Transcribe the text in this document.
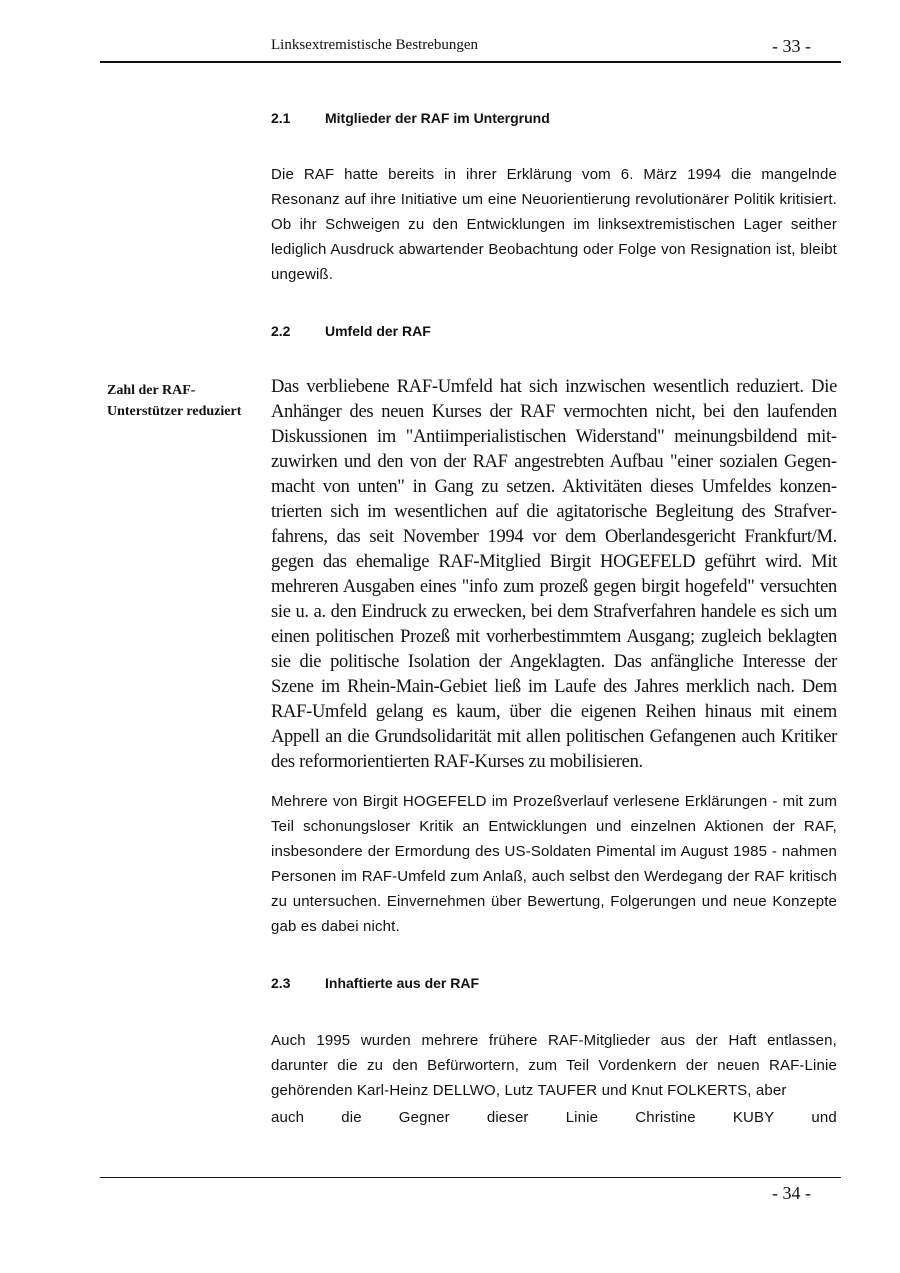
Linksextremistische Bestrebungen	- 33 -
2.1 Mitglieder der RAF im Untergrund
Die RAF hatte bereits in ihrer Erklärung vom 6. März 1994 die mangelnde Resonanz auf ihre Initiative um eine Neuorientierung revolutionärer Politik kritisiert. Ob ihr Schweigen zu den Entwicklungen im linksextremistischen Lager seither lediglich Ausdruck abwartender Beobachtung oder Folge von Resignation ist, bleibt ungewiß.
2.2 Umfeld der RAF
Zahl der RAF-Unterstützer reduziert
Das verbliebene RAF-Umfeld hat sich inzwischen wesentlich reduziert. Die Anhänger des neuen Kurses der RAF vermochten nicht, bei den laufenden Diskussionen im "Antiimperialistischen Widerstand" meinungsbildend mitzuwirken und den von der RAF angestrebten Aufbau "einer sozialen Gegenmacht von unten" in Gang zu setzen. Aktivitäten dieses Umfeldes konzentrierten sich im wesentlichen auf die agitatorische Begleitung des Strafverfahrens, das seit November 1994 vor dem Oberlandesgericht Frankfurt/M. gegen das ehemalige RAF-Mitglied Birgit HOGEFELD geführt wird. Mit mehreren Ausgaben eines "info zum prozeß gegen birgit hogefeld" versuchten sie u. a. den Eindruck zu erwecken, bei dem Strafverfahren handele es sich um einen politischen Prozeß mit vorherbestimmtem Ausgang; zugleich beklagten sie die politische Isolation der Angeklagten. Das anfängliche Interesse der Szene im Rhein-Main-Gebiet ließ im Laufe des Jahres merklich nach. Dem RAF-Umfeld gelang es kaum, über die eigenen Reihen hinaus mit einem Appell an die Grundsolidarität mit allen politischen Gefangenen auch Kritiker des reformorientierten RAF-Kurses zu mobilisieren.
Mehrere von Birgit HOGEFELD im Prozeßverlauf verlesene Erklärungen - mit zum Teil schonungsloser Kritik an Entwicklungen und einzelnen Aktionen der RAF, insbesondere der Ermordung des US-Soldaten Pimental im August 1985 - nahmen Personen im RAF-Umfeld zum Anlaß, auch selbst den Werdegang der RAF kritisch zu untersuchen. Einvernehmen über Bewertung, Folgerungen und neue Konzepte gab es dabei nicht.
2.3 Inhaftierte aus der RAF
Auch 1995 wurden mehrere frühere RAF-Mitglieder aus der Haft entlassen, darunter die zu den Befürwortern, zum Teil Vordenkern der neuen RAF-Linie gehörenden Karl-Heinz DELLWO, Lutz TAUFER und Knut FOLKERTS, aber
auch die Gegner dieser Linie Christine KUBY und
- 34 -
